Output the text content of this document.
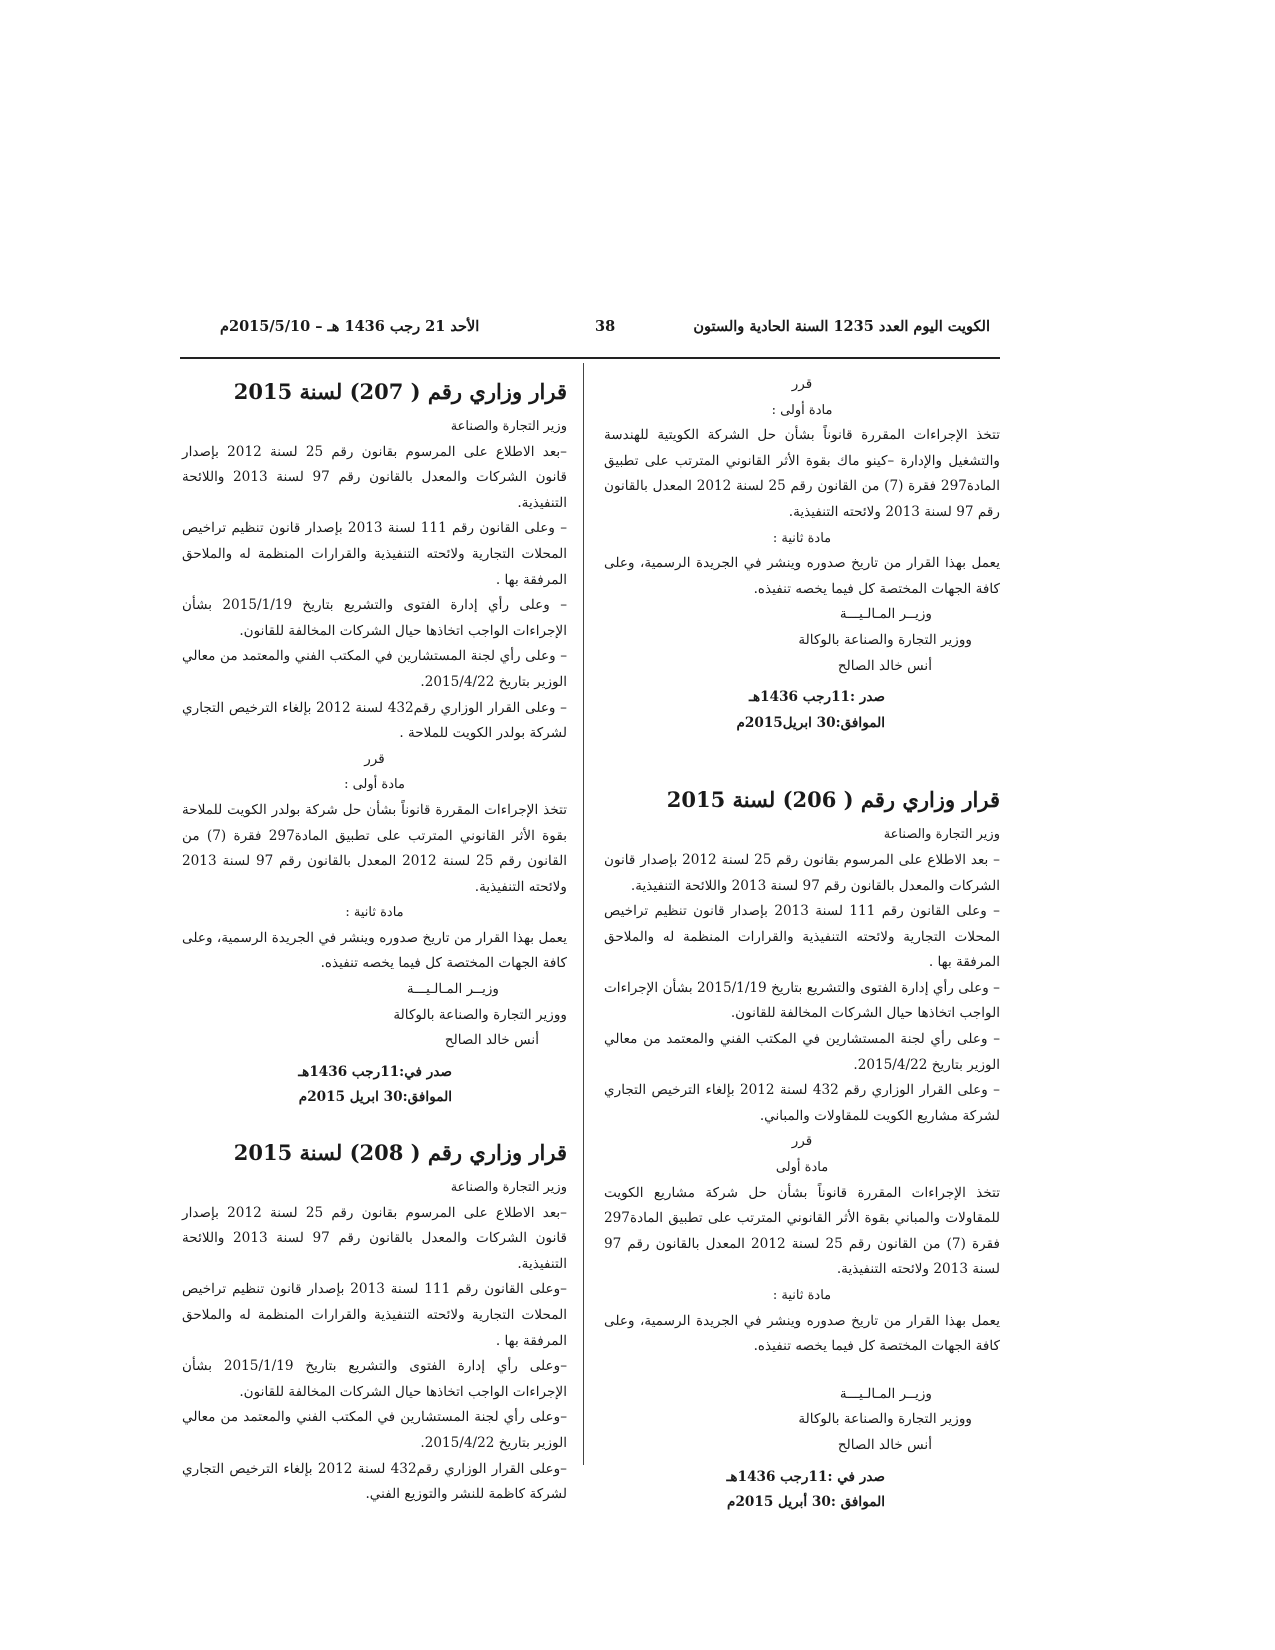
الكويت اليوم العدد 1235 السنة الحادية والستون
38
الأحد 21 رجب 1436 هـ – 2015/5/10م

قرر

مادة أولى :

تتخذ الإجراءات المقررة قانوناً بشأن حل الشركة الكويتية للهندسة والتشغيل والإدارة –كينو ماك بقوة الأثر القانوني المترتب على تطبيق المادة297 فقرة (7) من القانون رقم 25 لسنة 2012 المعدل بالقانون رقم 97 لسنة 2013 ولائحته التنفيذية.

مادة ثانية :

يعمل بهذا القرار من تاريخ صدوره وينشر في الجريدة الرسمية، وعلى كافة الجهات المختصة كل فيما يخصه تنفيذه.

وزيــر المـالـيـــة

ووزير التجارة والصناعة بالوكالة

أنس خالد الصالح

صدر :11رجب 1436هـ

الموافق:30 ابريل2015م

قرار وزاري رقم ( 206) لسنة 2015

وزير التجارة والصناعة

– بعد الاطلاع على المرسوم بقانون رقم 25 لسنة 2012 بإصدار قانون الشركات والمعدل بالقانون رقم 97 لسنة 2013 واللائحة التنفيذية.

– وعلى القانون رقم 111 لسنة 2013 بإصدار قانون تنظيم تراخيص المحلات التجارية ولائحته التنفيذية والقرارات المنظمة له والملاحق المرفقة بها .

– وعلى رأي إدارة الفتوى والتشريع بتاريخ 2015/1/19 بشأن الإجراءات الواجب اتخاذها حيال الشركات المخالفة للقانون.

– وعلى رأي لجنة المستشارين في المكتب الفني والمعتمد من معالي الوزير بتاريخ 2015/4/22.

– وعلى القرار الوزاري رقم 432 لسنة 2012 بإلغاء الترخيص التجاري لشركة مشاريع الكويت للمقاولات والمباني.

قرر

مادة أولى

تتخذ الإجراءات المقررة قانوناً بشأن حل شركة مشاريع الكويت للمقاولات والمباني بقوة الأثر القانوني المترتب على تطبيق المادة297 فقرة (7) من القانون رقم 25 لسنة 2012 المعدل بالقانون رقم 97 لسنة 2013 ولائحته التنفيذية.

مادة ثانية :

يعمل بهذا القرار من تاريخ صدوره وينشر في الجريدة الرسمية، وعلى كافة الجهات المختصة كل فيما يخصه تنفيذه.

وزيــر المـالـيـــة

ووزير التجارة والصناعة بالوكالة

أنس خالد الصالح

صدر في :11رجب 1436هـ

الموافق :30 أبريل 2015م

قرار وزاري رقم ( 207) لسنة 2015

وزير التجارة والصناعة

–بعد الاطلاع على المرسوم بقانون رقم 25 لسنة 2012 بإصدار قانون الشركات والمعدل بالقانون رقم 97 لسنة 2013 واللائحة التنفيذية.

– وعلى القانون رقم 111 لسنة 2013 بإصدار قانون تنظيم تراخيص المحلات التجارية ولائحته التنفيذية والقرارات المنظمة له والملاحق المرفقة بها .

– وعلى رأي إدارة الفتوى والتشريع بتاريخ 2015/1/19 بشأن الإجراءات الواجب اتخاذها حيال الشركات المخالفة للقانون.

– وعلى رأي لجنة المستشارين في المكتب الفني والمعتمد من معالي الوزير بتاريخ 2015/4/22.

– وعلى القرار الوزاري رقم432 لسنة 2012 بإلغاء الترخيص التجاري لشركة بولدر الكويت للملاحة .

قرر

مادة أولى :

تتخذ الإجراءات المقررة قانوناً بشأن حل شركة بولدر الكويت للملاحة بقوة الأثر القانوني المترتب على تطبيق المادة297 فقرة (7) من القانون رقم 25 لسنة 2012 المعدل بالقانون رقم 97 لسنة 2013 ولائحته التنفيذية.

مادة ثانية :

يعمل بهذا القرار من تاريخ صدوره وينشر في الجريدة الرسمية، وعلى كافة الجهات المختصة كل فيما يخصه تنفيذه.

وزيــر المـالـيـــة

ووزير التجارة والصناعة بالوكالة

أنس خالد الصالح

صدر في:11رجب 1436هـ

الموافق:30 ابريل 2015م

قرار وزاري رقم ( 208) لسنة 2015

وزير التجارة والصناعة

–بعد الاطلاع على المرسوم بقانون رقم 25 لسنة 2012 بإصدار قانون الشركات والمعدل بالقانون رقم 97 لسنة 2013 واللائحة التنفيذية.

–وعلى القانون رقم 111 لسنة 2013 بإصدار قانون تنظيم تراخيص المحلات التجارية ولائحته التنفيذية والقرارات المنظمة له والملاحق المرفقة بها .

–وعلى رأي إدارة الفتوى والتشريع بتاريخ 2015/1/19 بشأن الإجراءات الواجب اتخاذها حيال الشركات المخالفة للقانون.

–وعلى رأي لجنة المستشارين في المكتب الفني والمعتمد من معالي الوزير بتاريخ 2015/4/22.

–وعلى القرار الوزاري رقم432 لسنة 2012 بإلغاء الترخيص التجاري لشركة كاظمة للنشر والتوزيع الفني.
